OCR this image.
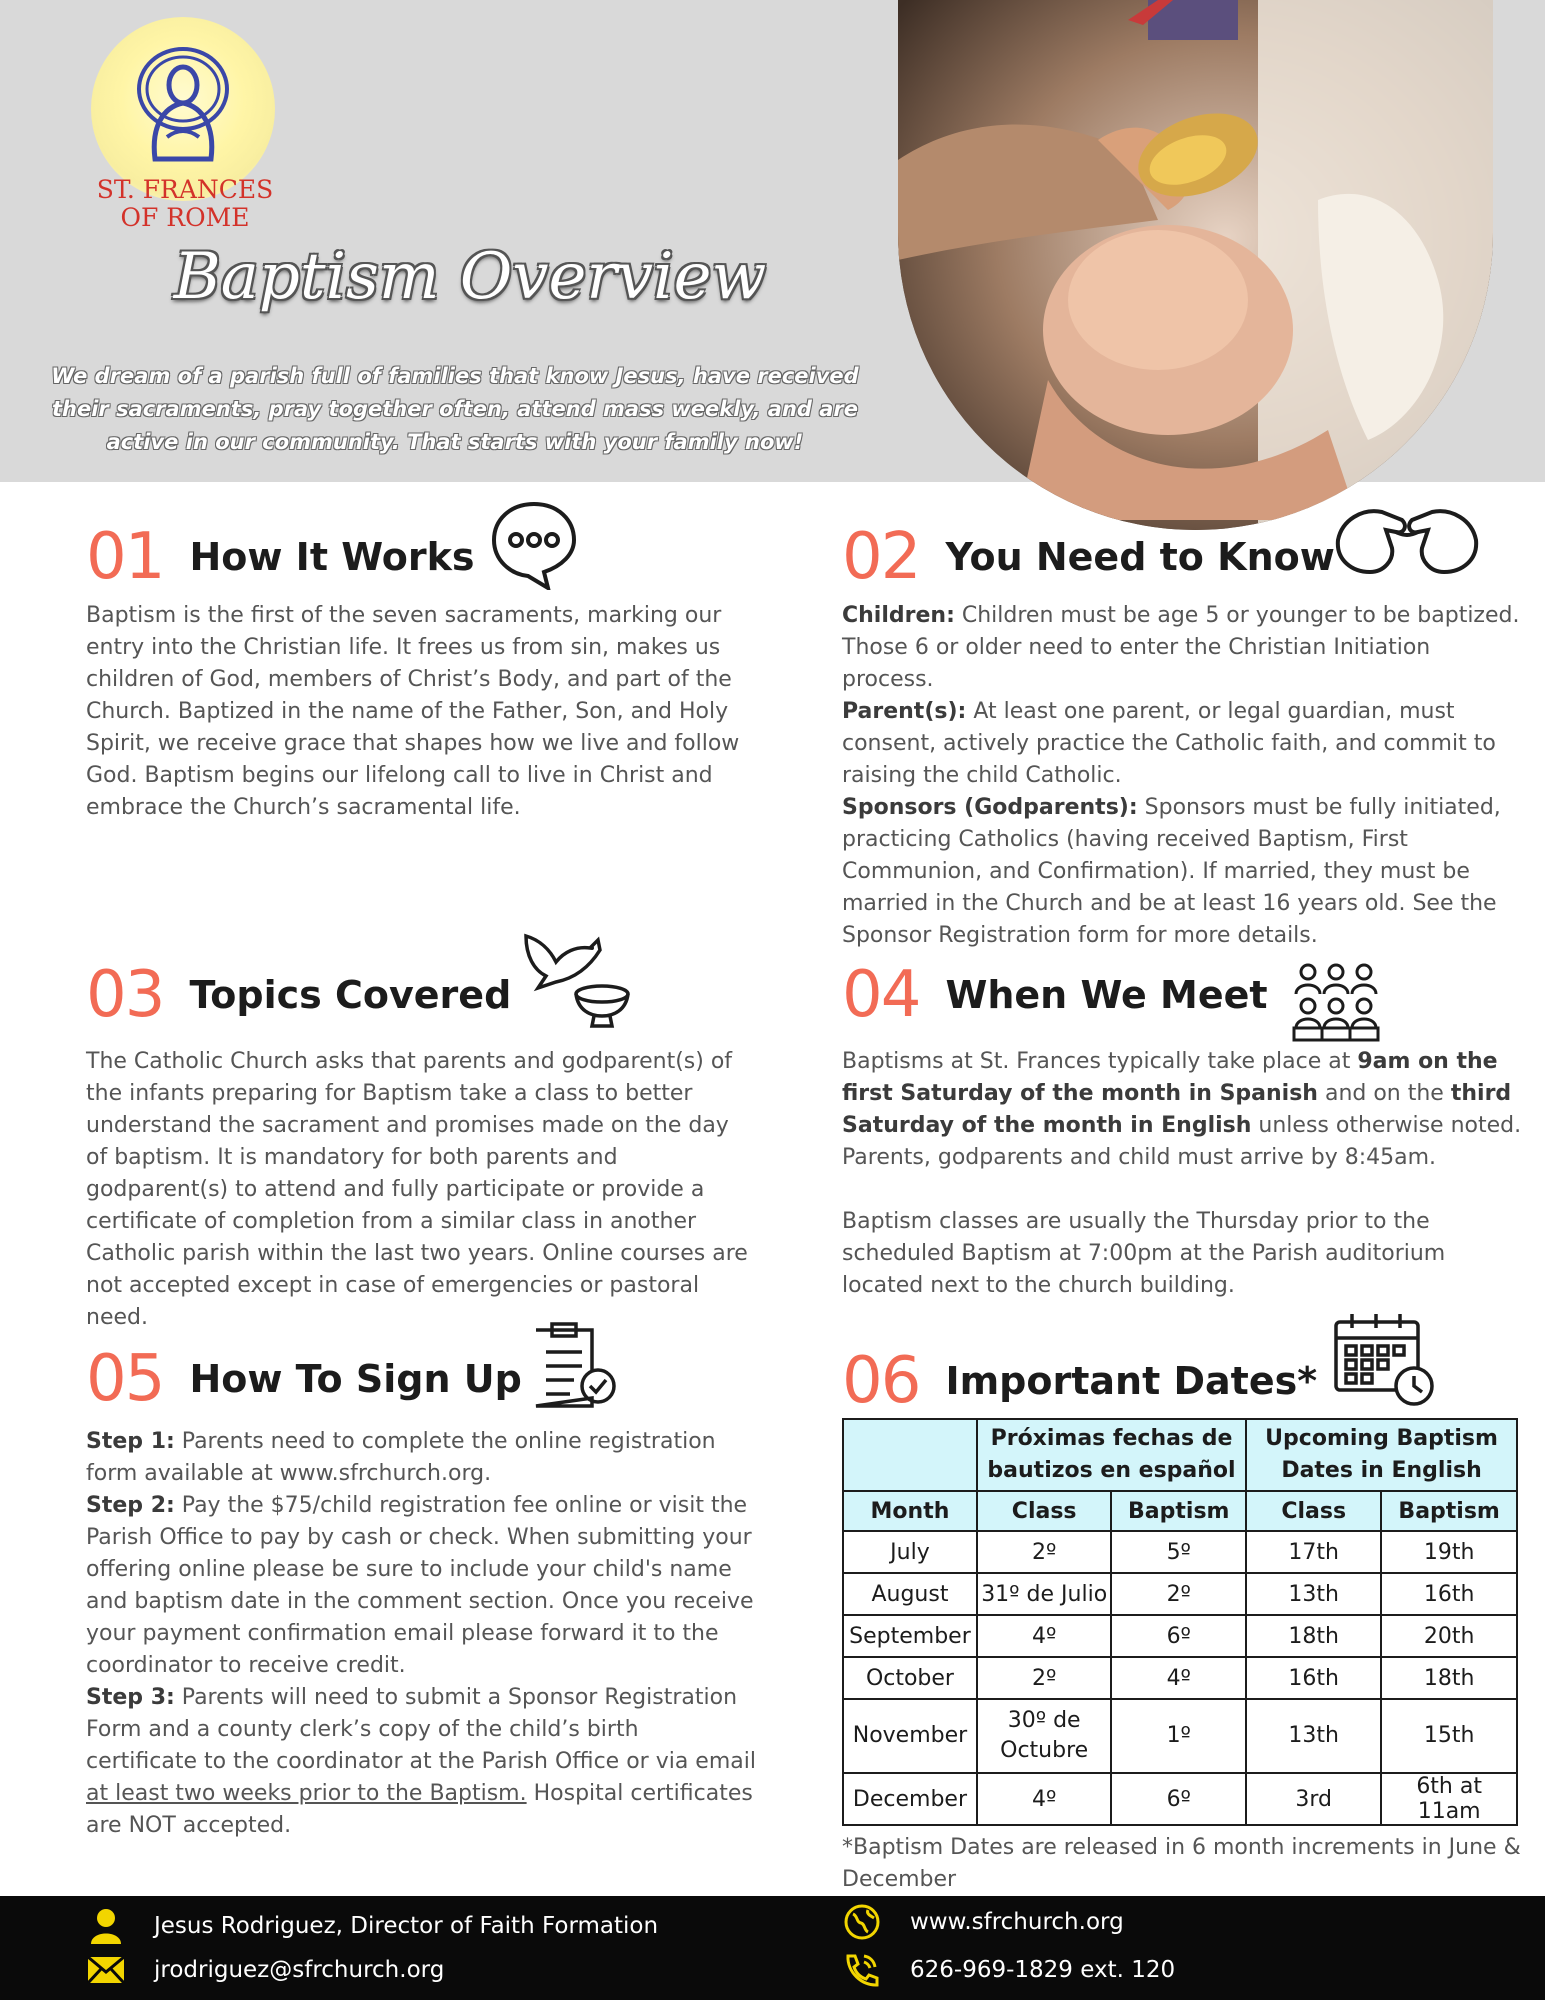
ST. FRANCES
OF ROME
Baptism Overview
We dream of a parish full of families that know Jesus, have received their sacraments, pray together often, attend mass weekly, and are active in our community. That starts with your family now!
01 How It Works
Baptism is the first of the seven sacraments, marking our entry into the Christian life. It frees us from sin, makes us children of God, members of Christ’s Body, and part of the Church. Baptized in the name of the Father, Son, and Holy Spirit, we receive grace that shapes how we live and follow God. Baptism begins our lifelong call to live in Christ and embrace the Church’s sacramental life.
02 You Need to Know
Children: Children must be age 5 or younger to be baptized. Those 6 or older need to enter the Christian Initiation process.
Parent(s): At least one parent, or legal guardian, must consent, actively practice the Catholic faith, and commit to raising the child Catholic.
Sponsors (Godparents): Sponsors must be fully initiated, practicing Catholics (having received Baptism, First Communion, and Confirmation). If married, they must be married in the Church and be at least 16 years old. See the Sponsor Registration form for more details.
03 Topics Covered
The Catholic Church asks that parents and godparent(s) of the infants preparing for Baptism take a class to better understand the sacrament and promises made on the day of baptism. It is mandatory for both parents and godparent(s) to attend and fully participate or provide a certificate of completion from a similar class in another Catholic parish within the last two years. Online courses are not accepted except in case of emergencies or pastoral need.
04 When We Meet
Baptisms at St. Frances typically take place at 9am on the first Saturday of the month in Spanish and on the third Saturday of the month in English unless otherwise noted. Parents, godparents and child must arrive by 8:45am.
Baptism classes are usually the Thursday prior to the scheduled Baptism at 7:00pm at the Parish auditorium located next to the church building.
05 How To Sign Up
Step 1: Parents need to complete the online registration form available at www.sfrchurch.org.
Step 2: Pay the $75/child registration fee online or visit the Parish Office to pay by cash or check. When submitting your offering online please be sure to include your child's name and baptism date in the comment section. Once you receive your payment confirmation email please forward it to the coordinator to receive credit.
Step 3: Parents will need to submit a Sponsor Registration Form and a county clerk’s copy of the child’s birth certificate to the coordinator at the Parish Office or via email at least two weeks prior to the Baptism. Hospital certificates are NOT accepted.
06 Important Dates*
	Próximas fechas de bautizos en español		Upcoming Baptism Dates in English	
Month	Class	Baptism	Class	Baptism
July	2º	5º	17th	19th
August	31º de Julio	2º	13th	16th
September	4º	6º	18th	20th
October	2º	4º	16th	18th
November	30º de Octubre	1º	13th	15th
December	4º	6º	3rd	6th at 11am
*Baptism Dates are released in 6 month increments in June & December
Jesus Rodriguez, Director of Faith Formation
jrodriguez@sfrchurch.org
www.sfrchurch.org
626-969-1829 ext. 120
